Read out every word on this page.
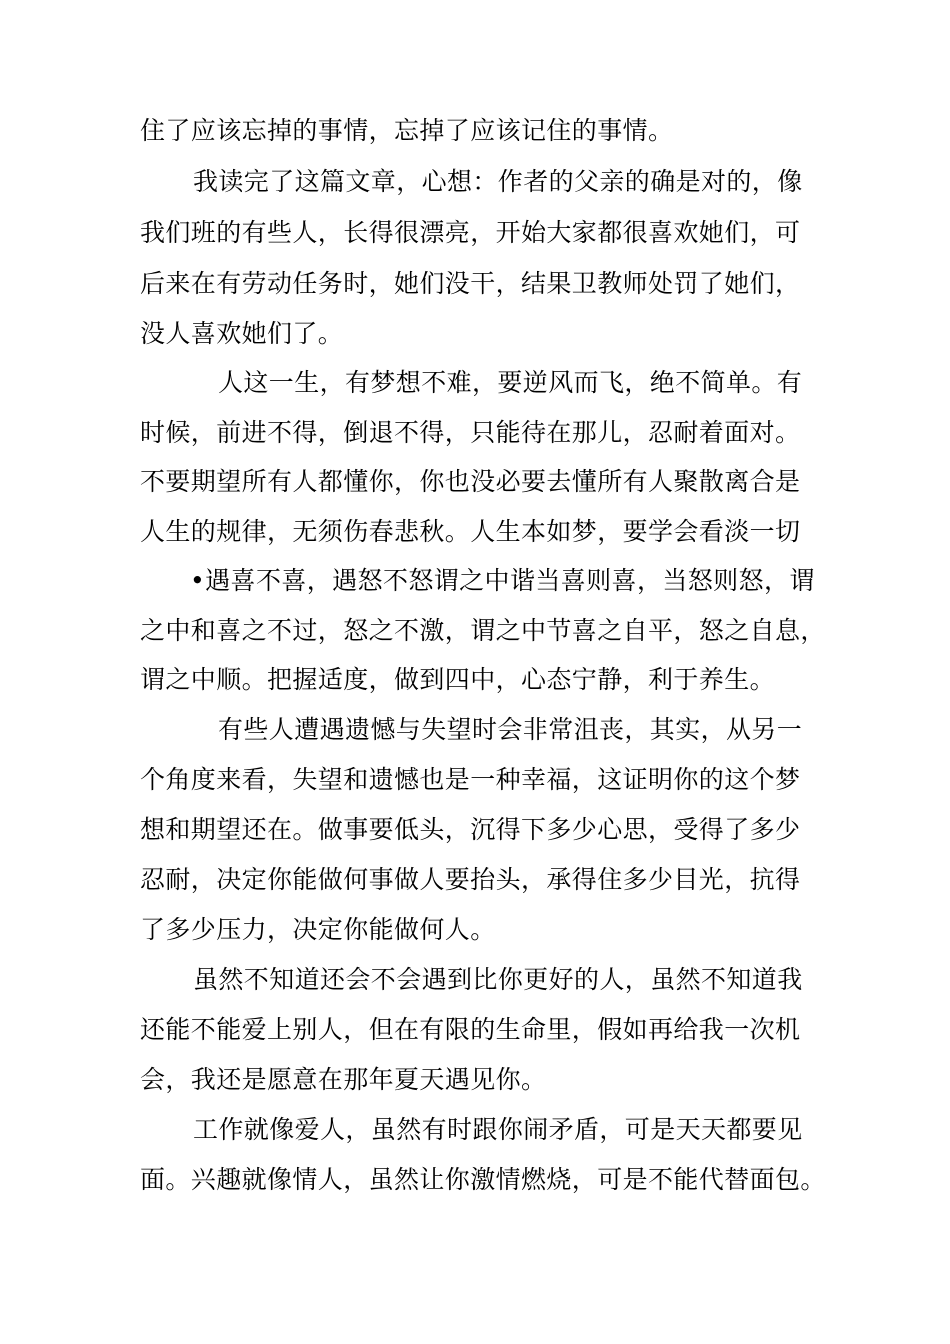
住了应该忘掉的事情，忘掉了应该记住的事情。
我读完了这篇文章，心想：作者的父亲的确是对的，像
我们班的有些人，长得很漂亮，开始大家都很喜欢她们，可
后来在有劳动任务时，她们没干，结果卫教师处罚了她们，
没人喜欢她们了。
人这一生，有梦想不难，要逆风而飞，绝不简单。有
时候，前进不得，倒退不得，只能待在那儿，忍耐着面对。
不要期望所有人都懂你，你也没必要去懂所有人聚散离合是
人生的规律，无须伤春悲秋。人生本如梦，要学会看淡一切
•遇喜不喜，遇怒不怒谓之中谐当喜则喜，当怒则怒，谓
之中和喜之不过，怒之不激，谓之中节喜之自平，怒之自息，
谓之中顺。把握适度，做到四中，心态宁静，利于养生。
有些人遭遇遗憾与失望时会非常沮丧，其实，从另一
个角度来看，失望和遗憾也是一种幸福，这证明你的这个梦
想和期望还在。做事要低头，沉得下多少心思，受得了多少
忍耐，决定你能做何事做人要抬头，承得住多少目光，抗得
了多少压力，决定你能做何人。
虽然不知道还会不会遇到比你更好的人，虽然不知道我
还能不能爱上别人，但在有限的生命里，假如再给我一次机
会，我还是愿意在那年夏天遇见你。
工作就像爱人，虽然有时跟你闹矛盾，可是天天都要见
面。兴趣就像情人，虽然让你激情燃烧，可是不能代替面包。
